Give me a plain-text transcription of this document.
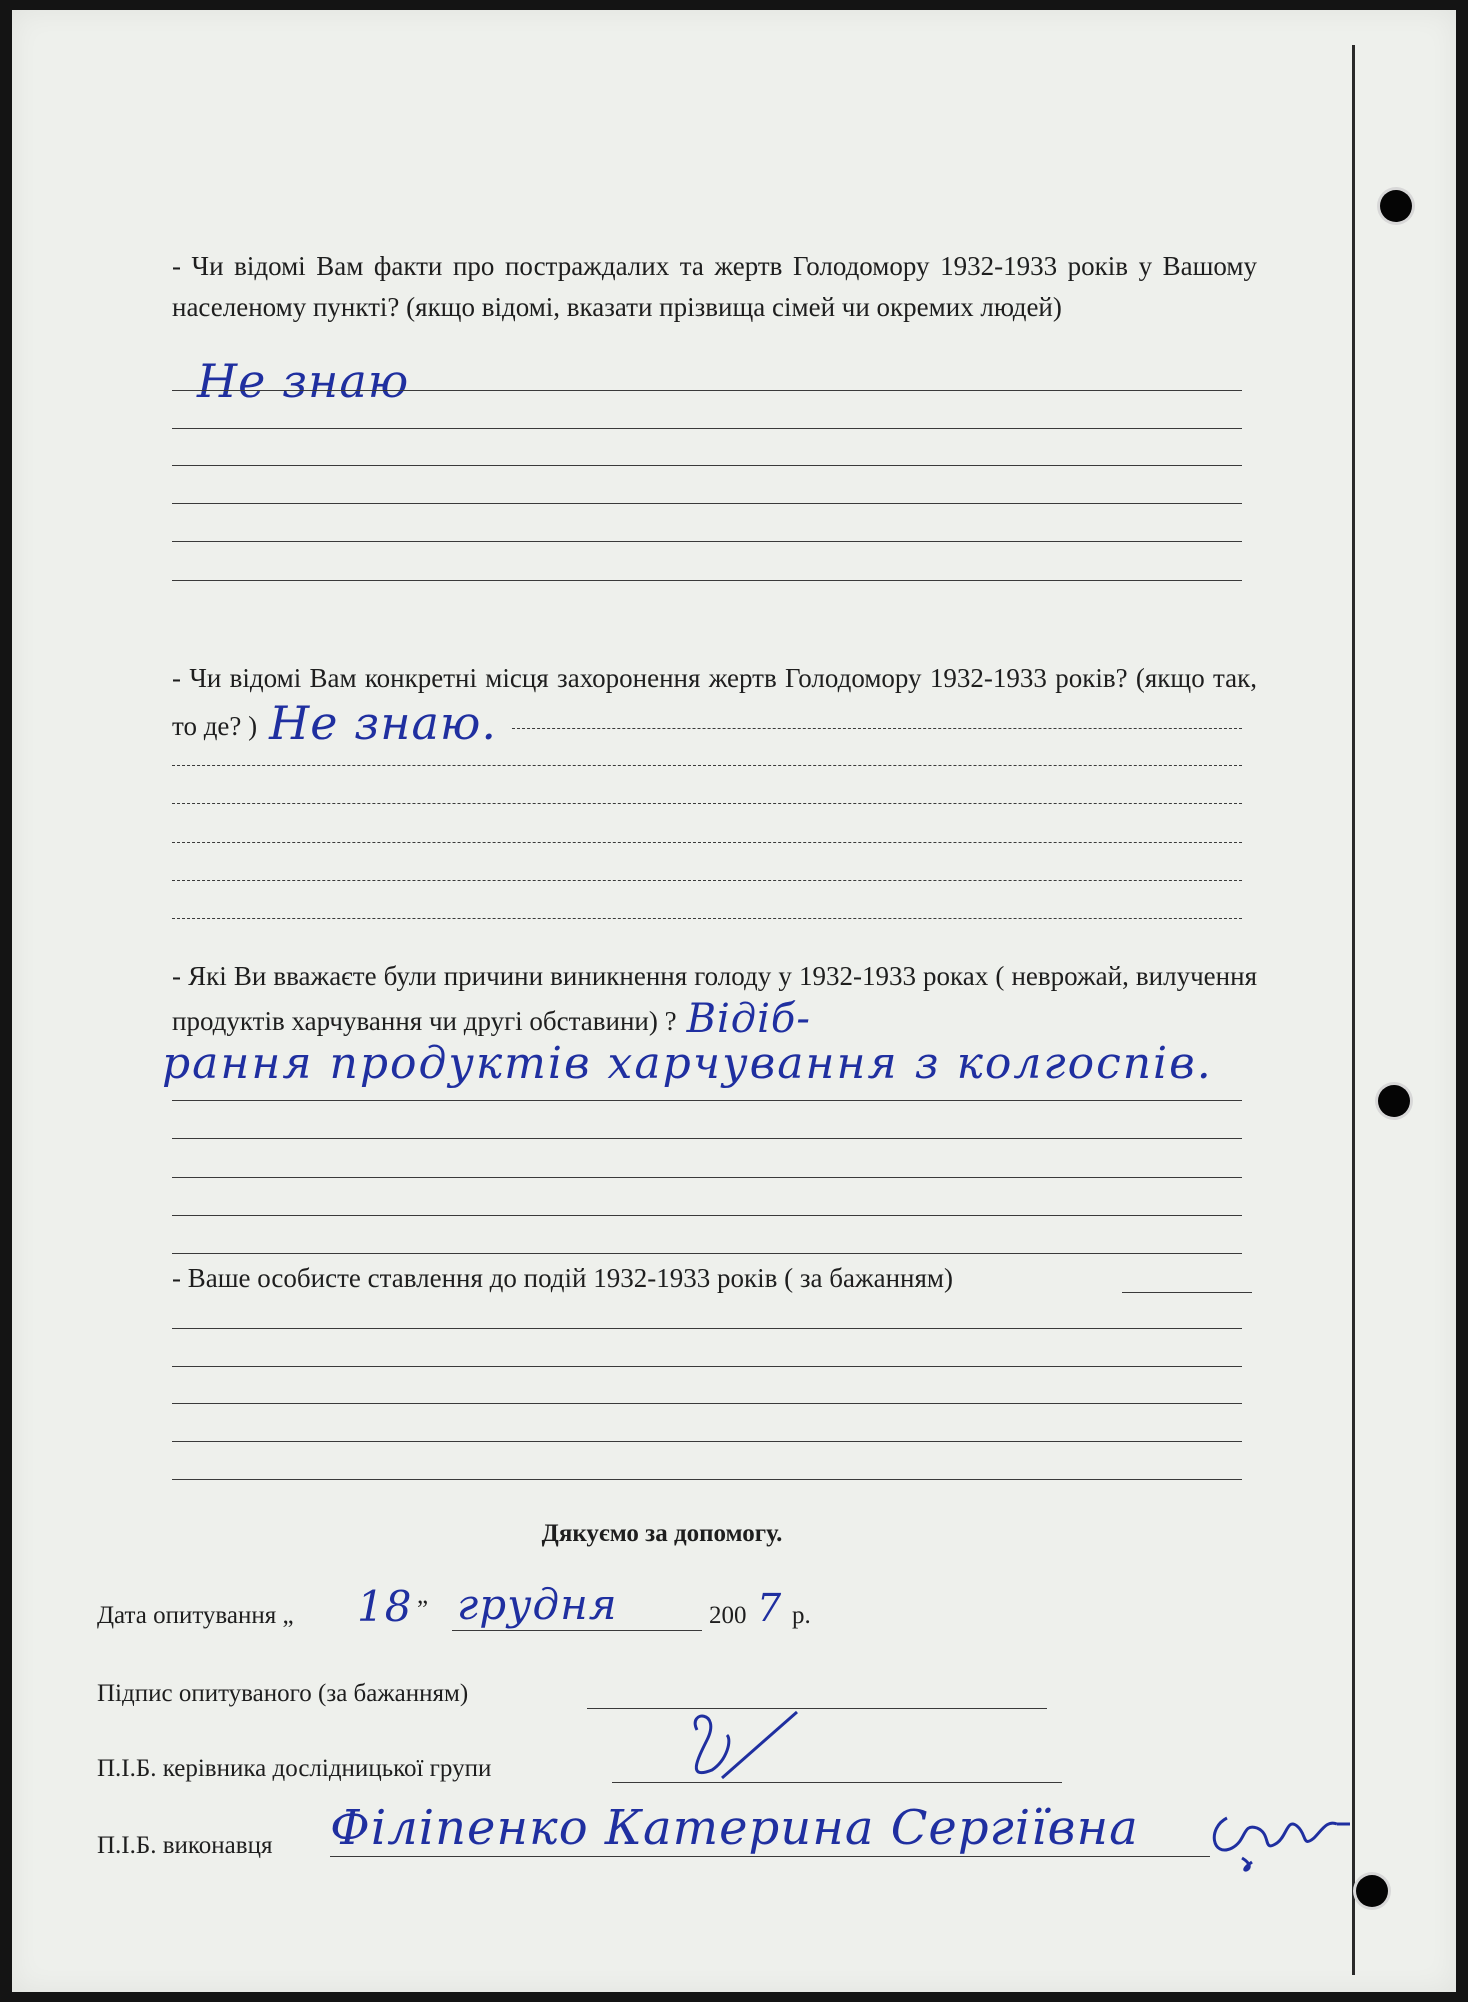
- Чи відомі Вам факти про постраждалих та жертв Голодомору 1932-1933 років у Вашому населеному пункті? (якщо відомі, вказати прізвища сімей чи окремих людей)

Не знаю

- Чи відомі Вам конкретні місця захоронення жертв Голодомору 1932-1933 років? (якщо так, то де? ) Не знаю.

- Які Ви вважаєте були причини виникнення голоду у 1932-1933 роках ( неврожай, вилучення продуктів харчування чи другі обставини) ? Відіб-

рання продуктів харчування з колгоспів.

- Ваше особисте ставлення до подій 1932-1933 років ( за бажанням)

Дякуємо за допомогу.
Дата опитування „ 18 ” грудня	200 7 р.
Підпис опитуваного (за бажанням)
П.І.Б. керівника дослідницької групи
П.І.Б. виконавця Філіпенко Катерина Сергіївна
